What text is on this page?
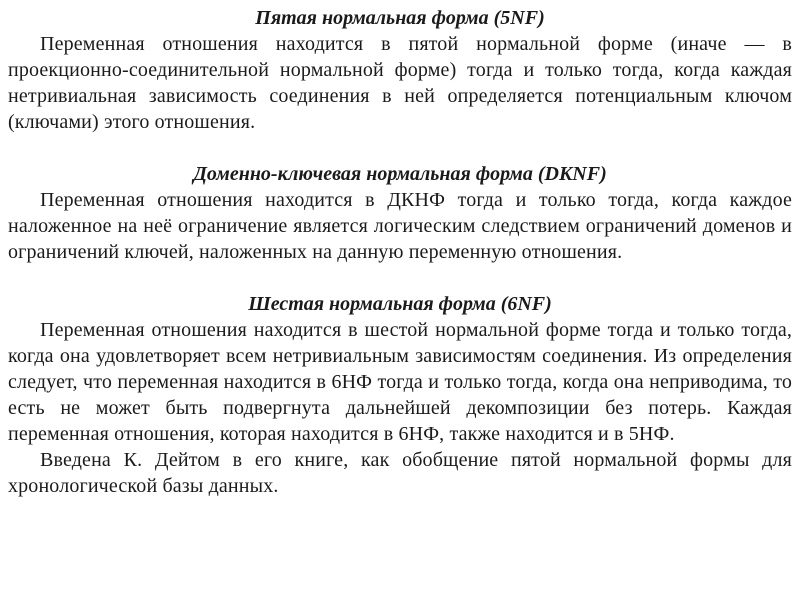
Пятая нормальная форма (5NF)

Переменная отношения находится в пятой нормальной форме (иначе — в проекционно-соединительной нормальной форме) тогда и только тогда, когда каждая нетривиальная зависимость соединения в ней определяется потенциальным ключом (ключами) этого отношения.

Доменно-ключевая нормальная форма (DKNF)

Переменная отношения находится в ДКНФ тогда и только тогда, когда каждое наложенное на неё ограничение является логическим следствием ограничений доменов и ограничений ключей, наложенных на данную переменную отношения.

Шестая нормальная форма (6NF)

Переменная отношения находится в шестой нормальной форме тогда и только тогда, когда она удовлетворяет всем нетривиальным зависимостям соединения. Из определения следует, что переменная находится в 6НФ тогда и только тогда, когда она неприводима, то есть не может быть подвергнута дальнейшей декомпозиции без потерь. Каждая переменная отношения, которая находится в 6НФ, также находится и в 5НФ.

Введена К. Дейтом в его книге, как обобщение пятой нормальной формы для хронологической базы данных.
